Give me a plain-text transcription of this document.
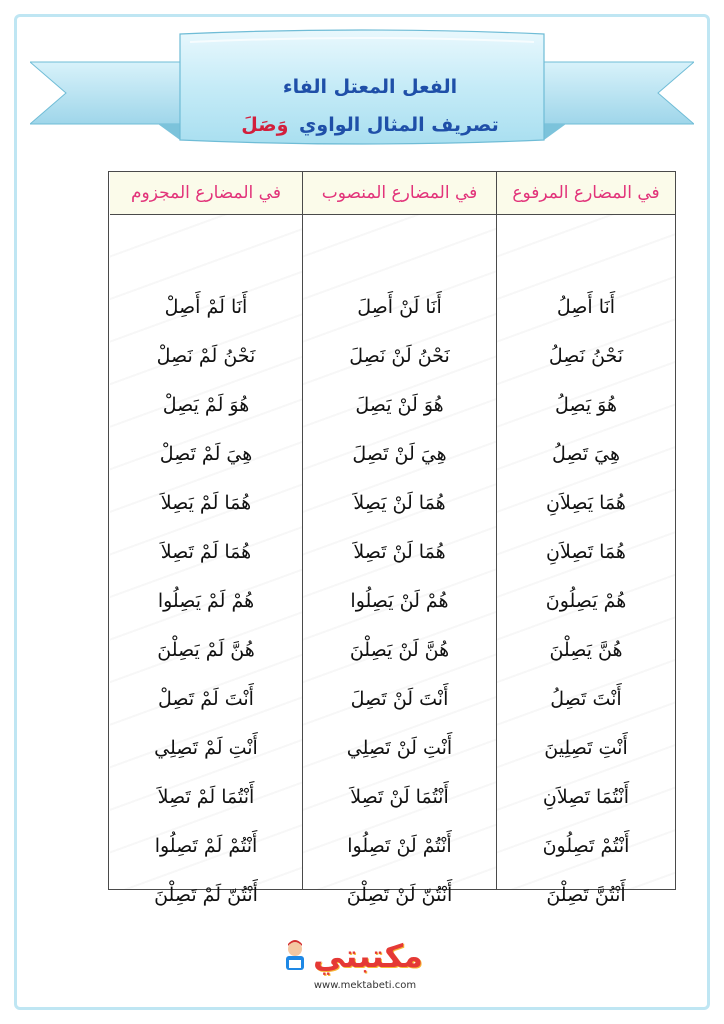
الفعل المعتل الفاء
تصريف المثال الواوي وَصَلَ
في المضارع المرفوع
أَنَا أَصِلُ
نَحْنُ نَصِلُ
هُوَ يَصِلُ
هِيَ تَصِلُ
هُمَا يَصِلاَنِ
هُمَا تَصِلاَنِ
هُمْ يَصِلُونَ
هُنَّ يَصِلْنَ
أَنْتَ تَصِلُ
أَنْتِ تَصِلِينَ
أَنْتُمَا تَصِلاَنِ
أَنْتُمْ تَصِلُونَ
أَنْتُنَّ تَصِلْنَ
في المضارع المنصوب
أَنَا لَنْ أَصِلَ
نَحْنُ لَنْ نَصِلَ
هُوَ لَنْ يَصِلَ
هِيَ لَنْ تَصِلَ
هُمَا لَنْ يَصِلاَ
هُمَا لَنْ تَصِلاَ
هُمْ لَنْ يَصِلُوا
هُنَّ لَنْ يَصِلْنَ
أَنْتَ لَنْ تَصِلَ
أَنْتِ لَنْ تَصِلِي
أَنْتُمَا لَنْ تَصِلاَ
أَنْتُمْ لَنْ تَصِلُوا
أَنْتُنّ لَنْ تَصِلْنَ
في المضارع المجزوم
أَنَا لَمْ أَصِلْ
نَحْنُ لَمْ نَصِلْ
هُوَ لَمْ يَصِلْ
هِيَ لَمْ تَصِلْ
هُمَا لَمْ يَصِلاَ
هُمَا لَمْ تَصِلاَ
هُمْ لَمْ يَصِلُوا
هُنَّ لَمْ يَصِلْنَ
أَنْتَ لَمْ تَصِلْ
أَنْتِ لَمْ تَصِلِي
أَنْتُمَا لَمْ تَصِلاَ
أَنْتُمْ لَمْ تَصِلُوا
أَنْتُنّ لَمْ تَصِلْنَ
مكتبتي
www.mektabeti.com
